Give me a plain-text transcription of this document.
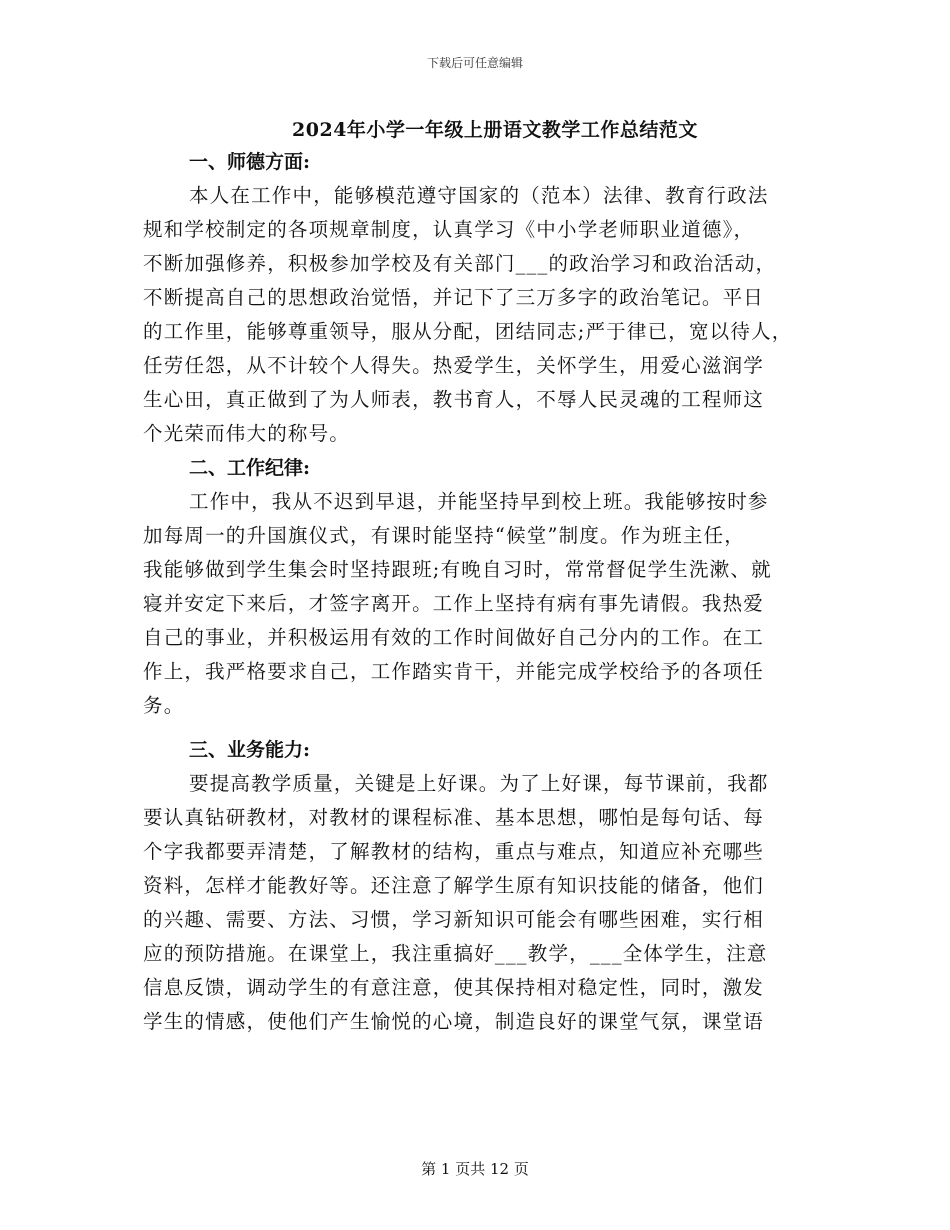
下载后可任意编辑
2024年小学一年级上册语文教学工作总结范文
一、师德方面:
本人在工作中，能够模范遵守国家的（范本）法律、教育行政法
规和学校制定的各项规章制度，认真学习《中小学老师职业道德》，
不断加强修养，积极参加学校及有关部门___的政治学习和政治活动，
不断提高自己的思想政治觉悟，并记下了三万多字的政治笔记。平日
的工作里，能够尊重领导，服从分配，团结同志;严于律已，宽以待人，
任劳任怨，从不计较个人得失。热爱学生，关怀学生，用爱心滋润学
生心田，真正做到了为人师表，教书育人，不辱人民灵魂的工程师这
个光荣而伟大的称号。
二、工作纪律:
工作中，我从不迟到早退，并能坚持早到校上班。我能够按时参
加每周一的升国旗仪式，有课时能坚持“候堂”制度。作为班主任，
我能够做到学生集会时坚持跟班;有晚自习时，常常督促学生洗漱、就
寝并安定下来后，才签字离开。工作上坚持有病有事先请假。我热爱
自己的事业，并积极运用有效的工作时间做好自己分内的工作。在工
作上，我严格要求自己，工作踏实肯干，并能完成学校给予的各项任
务。
三、业务能力:
要提高教学质量，关键是上好课。为了上好课，每节课前，我都
要认真钻研教材，对教材的课程标准、基本思想，哪怕是每句话、每
个字我都要弄清楚，了解教材的结构，重点与难点，知道应补充哪些
资料，怎样才能教好等。还注意了解学生原有知识技能的储备，他们
的兴趣、需要、方法、习惯，学习新知识可能会有哪些困难，实行相
应的预防措施。在课堂上，我注重搞好___教学，___全体学生，注意
信息反馈，调动学生的有意注意，使其保持相对稳定性，同时，激发
学生的情感，使他们产生愉悦的心境，制造良好的课堂气氛，课堂语
第 1 页共 12 页
